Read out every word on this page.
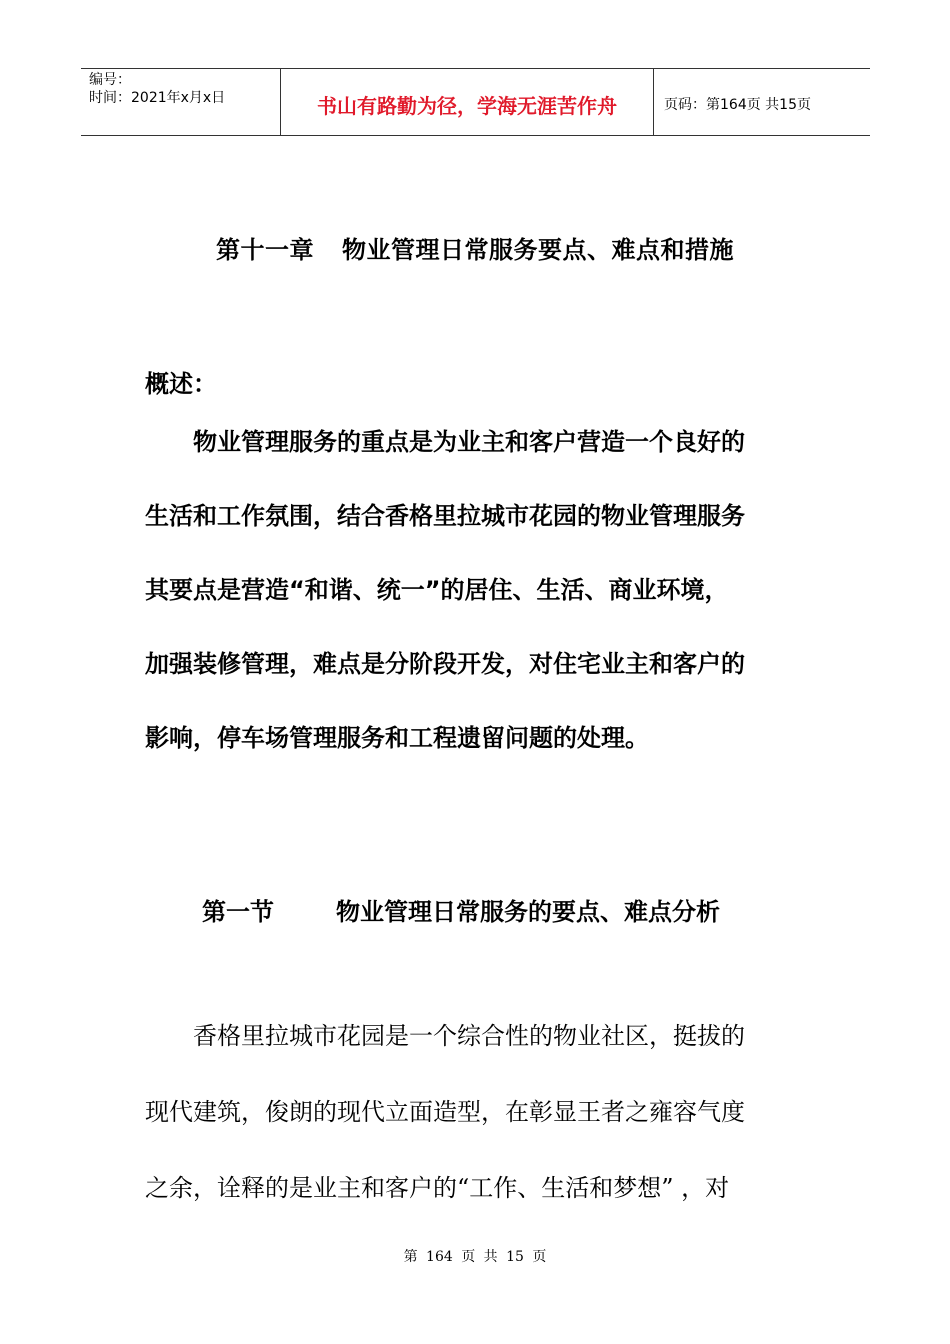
编号：
时间：2021年x月x日	书山有路勤为径，学海无涯苦作舟	页码：第164页 共15页
第十一章 物业管理日常服务要点、难点和措施
概述：
　　物业管理服务的重点是为业主和客户营造一个良好的
生活和工作氛围，结合香格里拉城市花园的物业管理服务
其要点是营造“和谐、统一”的居住、生活、商业环境，
加强装修管理，难点是分阶段开发，对住宅业主和客户的
影响，停车场管理服务和工程遗留问题的处理。
第一节	物业管理日常服务的要点、难点分析
　　香格里拉城市花园是一个综合性的物业社区，挺拔的
现代建筑，俊朗的现代立面造型，在彰显王者之雍容气度
之余，诠释的是业主和客户的“工作、生活和梦想” ，对
第 164 页 共 15 页
